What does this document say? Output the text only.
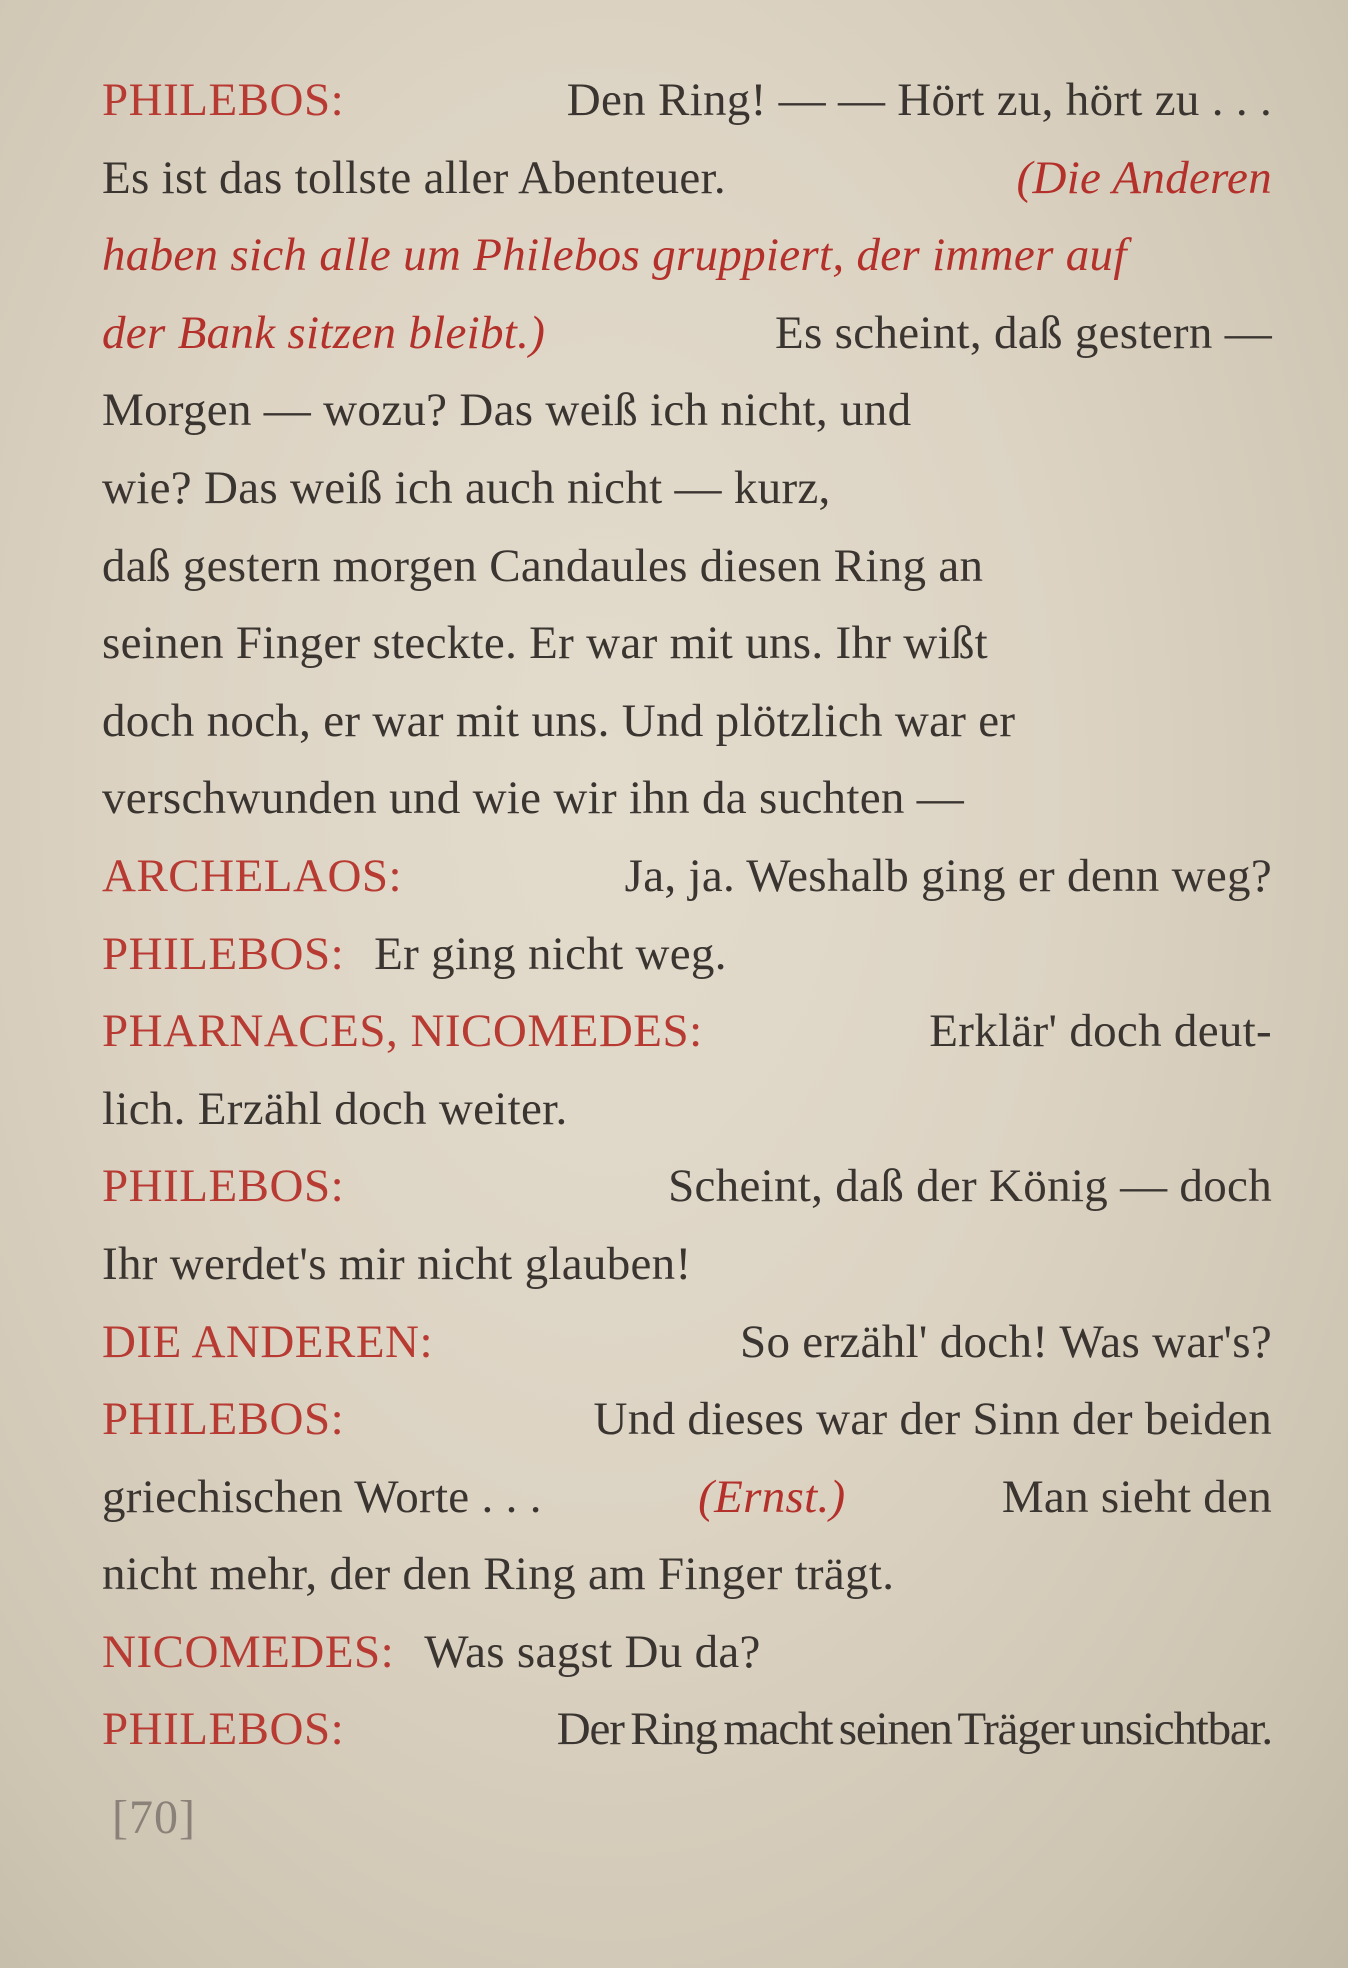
PHILEBOS:	Den Ring! — — Hört zu, hört zu . . .
Es ist das tollste aller Abenteuer.	(Die Anderen
haben sich alle um Philebos gruppiert, der immer auf
der Bank sitzen bleibt.)	Es scheint, daß gestern —
Morgen — wozu? Das weiß ich nicht, und
wie? Das weiß ich auch nicht — kurz,
daß gestern morgen Candaules diesen Ring an
seinen Finger steckte. Er war mit uns. Ihr wißt
doch noch, er war mit uns. Und plötzlich war er
verschwunden und wie wir ihn da suchten —
ARCHELAOS:	Ja, ja. Weshalb ging er denn weg?
PHILEBOS: Er ging nicht weg.
PHARNACES, NICOMEDES:	Erklär' doch deut-
lich. Erzähl doch weiter.
PHILEBOS:	Scheint, daß der König — doch
Ihr werdet's mir nicht glauben!
DIE ANDEREN:	So erzähl' doch! Was war's?
PHILEBOS:	Und dieses war der Sinn der beiden
griechischen Worte . . .	(Ernst.)	Man sieht den
nicht mehr, der den Ring am Finger trägt.
NICOMEDES: Was sagst Du da?
PHILEBOS:	Der Ring macht seinen Träger unsichtbar.
[70]
